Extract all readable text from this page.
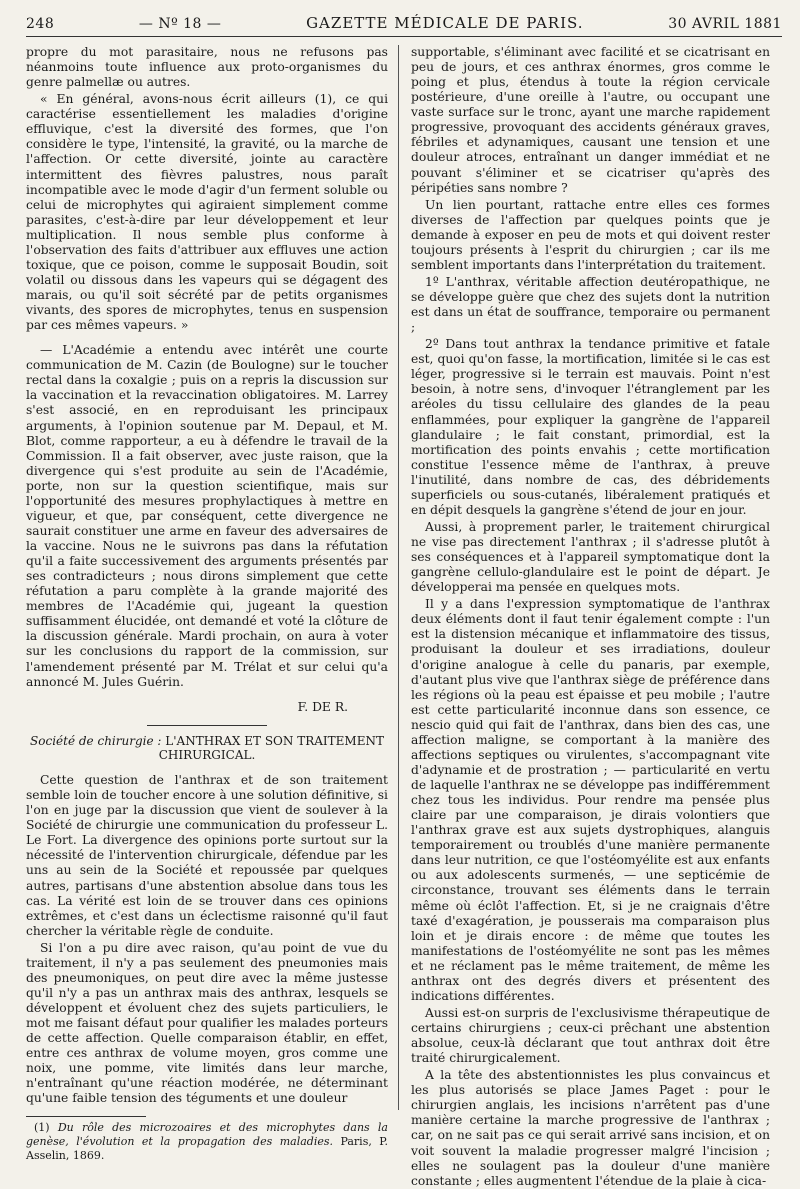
248	— Nº 18 —	GAZETTE MÉDICALE DE PARIS.	30 AVRIL 1881

propre du mot parasitaire, nous ne refusons pas néanmoins toute influence aux proto-organismes du genre palmellæ ou autres.

« En général, avons-nous écrit ailleurs (1), ce qui caractérise essentiellement les maladies d'origine effluvique, c'est la diversité des formes, que l'on considère le type, l'intensité, la gravité, ou la marche de l'affection. Or cette diversité, jointe au caractère intermittent des fièvres palustres, nous paraît incompatible avec le mode d'agir d'un ferment soluble ou celui de microphytes qui agiraient simplement comme parasites, c'est-à-dire par leur développement et leur multiplication. Il nous semble plus conforme à l'observation des faits d'attribuer aux effluves une action toxique, que ce poison, comme le supposait Boudin, soit volatil ou dissous dans les vapeurs qui se dégagent des marais, ou qu'il soit sécrété par de petits organismes vivants, des spores de microphytes, tenus en suspension par ces mêmes vapeurs. »

— L'Académie a entendu avec intérêt une courte communication de M. Cazin (de Boulogne) sur le toucher rectal dans la coxalgie ; puis on a repris la discussion sur la vaccination et la revaccination obligatoires. M. Larrey s'est associé, en en reproduisant les principaux arguments, à l'opinion soutenue par M. Depaul, et M. Blot, comme rapporteur, a eu à défendre le travail de la Commission. Il a fait observer, avec juste raison, que la divergence qui s'est produite au sein de l'Académie, porte, non sur la question scientifique, mais sur l'opportunité des mesures prophylactiques à mettre en vigueur, et que, par conséquent, cette divergence ne saurait constituer une arme en faveur des adversaires de la vaccine. Nous ne le suivrons pas dans la réfutation qu'il a faite successivement des arguments présentés par ses contradicteurs ; nous dirons simplement que cette réfutation a paru complète à la grande majorité des membres de l'Académie qui, jugeant la question suffisamment élucidée, ont demandé et voté la clôture de la discussion générale. Mardi prochain, on aura à voter sur les conclusions du rapport de la commission, sur l'amendement présenté par M. Trélat et sur celui qu'a annoncé M. Jules Guérin.

F. DE R.

Société de chirurgie : L'ANTHRAX ET SON TRAITEMENT CHIRURGICAL.

Cette question de l'anthrax et de son traitement semble loin de toucher encore à une solution définitive, si l'on en juge par la discussion que vient de soulever à la Société de chirurgie une communication du professeur L. Le Fort. La divergence des opinions porte surtout sur la nécessité de l'intervention chirurgicale, défendue par les uns au sein de la Société et repoussée par quelques autres, partisans d'une abstention absolue dans tous les cas. La vérité est loin de se trouver dans ces opinions extrêmes, et c'est dans un éclectisme raisonné qu'il faut chercher la véritable règle de conduite.

Si l'on a pu dire avec raison, qu'au point de vue du traitement, il n'y a pas seulement des pneumonies mais des pneumoniques, on peut dire avec la même justesse qu'il n'y a pas un anthrax mais des anthrax, lesquels se développent et évoluent chez des sujets particuliers, le mot me faisant défaut pour qualifier les malades porteurs de cette affection. Quelle comparaison établir, en effet, entre ces anthrax de volume moyen, gros comme une noix, une pomme, vite limités dans leur marche, n'entraînant qu'une réaction modérée, ne déterminant qu'une faible tension des téguments et une douleur

(1) Du rôle des microzoaires et des microphytes dans la genèse, l'évolution et la propagation des maladies. Paris, P. Asselin, 1869.

supportable, s'éliminant avec facilité et se cicatrisant en peu de jours, et ces anthrax énormes, gros comme le poing et plus, étendus à toute la région cervicale postérieure, d'une oreille à l'autre, ou occupant une vaste surface sur le tronc, ayant une marche rapidement progressive, provoquant des accidents généraux graves, fébriles et adynamiques, causant une tension et une douleur atroces, entraînant un danger immédiat et ne pouvant s'éliminer et se cicatriser qu'après des péripéties sans nombre ?

Un lien pourtant, rattache entre elles ces formes diverses de l'affection par quelques points que je demande à exposer en peu de mots et qui doivent rester toujours présents à l'esprit du chirurgien ; car ils me semblent importants dans l'interprétation du traitement.

1º L'anthrax, véritable affection deutéropathique, ne se développe guère que chez des sujets dont la nutrition est dans un état de souffrance, temporaire ou permanent ;

2º Dans tout anthrax la tendance primitive et fatale est, quoi qu'on fasse, la mortification, limitée si le cas est léger, progressive si le terrain est mauvais. Point n'est besoin, à notre sens, d'invoquer l'étranglement par les aréoles du tissu cellulaire des glandes de la peau enflammées, pour expliquer la gangrène de l'appareil glandulaire ; le fait constant, primordial, est la mortification des points envahis ; cette mortification constitue l'essence même de l'anthrax, à preuve l'inutilité, dans nombre de cas, des débridements superficiels ou sous-cutanés, libéralement pratiqués et en dépit desquels la gangrène s'étend de jour en jour.

Aussi, à proprement parler, le traitement chirurgical ne vise pas directement l'anthrax ; il s'adresse plutôt à ses conséquences et à l'appareil symptomatique dont la gangrène cellulo-glandulaire est le point de départ. Je développerai ma pensée en quelques mots.

Il y a dans l'expression symptomatique de l'anthrax deux éléments dont il faut tenir également compte : l'un est la distension mécanique et inflammatoire des tissus, produisant la douleur et ses irradiations, douleur d'origine analogue à celle du panaris, par exemple, d'autant plus vive que l'anthrax siège de préférence dans les régions où la peau est épaisse et peu mobile ; l'autre est cette particularité inconnue dans son essence, ce nescio quid qui fait de l'anthrax, dans bien des cas, une affection maligne, se comportant à la manière des affections septiques ou virulentes, s'accompagnant vite d'adynamie et de prostration ; — particularité en vertu de laquelle l'anthrax ne se développe pas indifféremment chez tous les individus. Pour rendre ma pensée plus claire par une comparaison, je dirais volontiers que l'anthrax grave est aux sujets dystrophiques, alanguis temporairement ou troublés d'une manière permanente dans leur nutrition, ce que l'ostéomyélite est aux enfants ou aux adolescents surmenés, — une septicémie de circonstance, trouvant ses éléments dans le terrain même où éclôt l'affection. Et, si je ne craignais d'être taxé d'exagération, je pousserais ma comparaison plus loin et je dirais encore : de même que toutes les manifestations de l'ostéomyélite ne sont pas les mêmes et ne réclament pas le même traitement, de même les anthrax ont des degrés divers et présentent des indications différentes.

Aussi est-on surpris de l'exclusivisme thérapeutique de certains chirurgiens ; ceux-ci prêchant une abstention absolue, ceux-là déclarant que tout anthrax doit être traité chirurgicalement.

A la tête des abstentionnistes les plus convaincus et les plus autorisés se place James Paget : pour le chirurgien anglais, les incisions n'arrêtent pas d'une manière certaine la marche progressive de l'anthrax ; car, on ne sait pas ce qui serait arrivé sans incision, et on voit souvent la maladie progresser malgré l'incision ; elles ne soulagent pas la douleur d'une manière constante ; elles augmentent l'étendue de la plaie à cica-
